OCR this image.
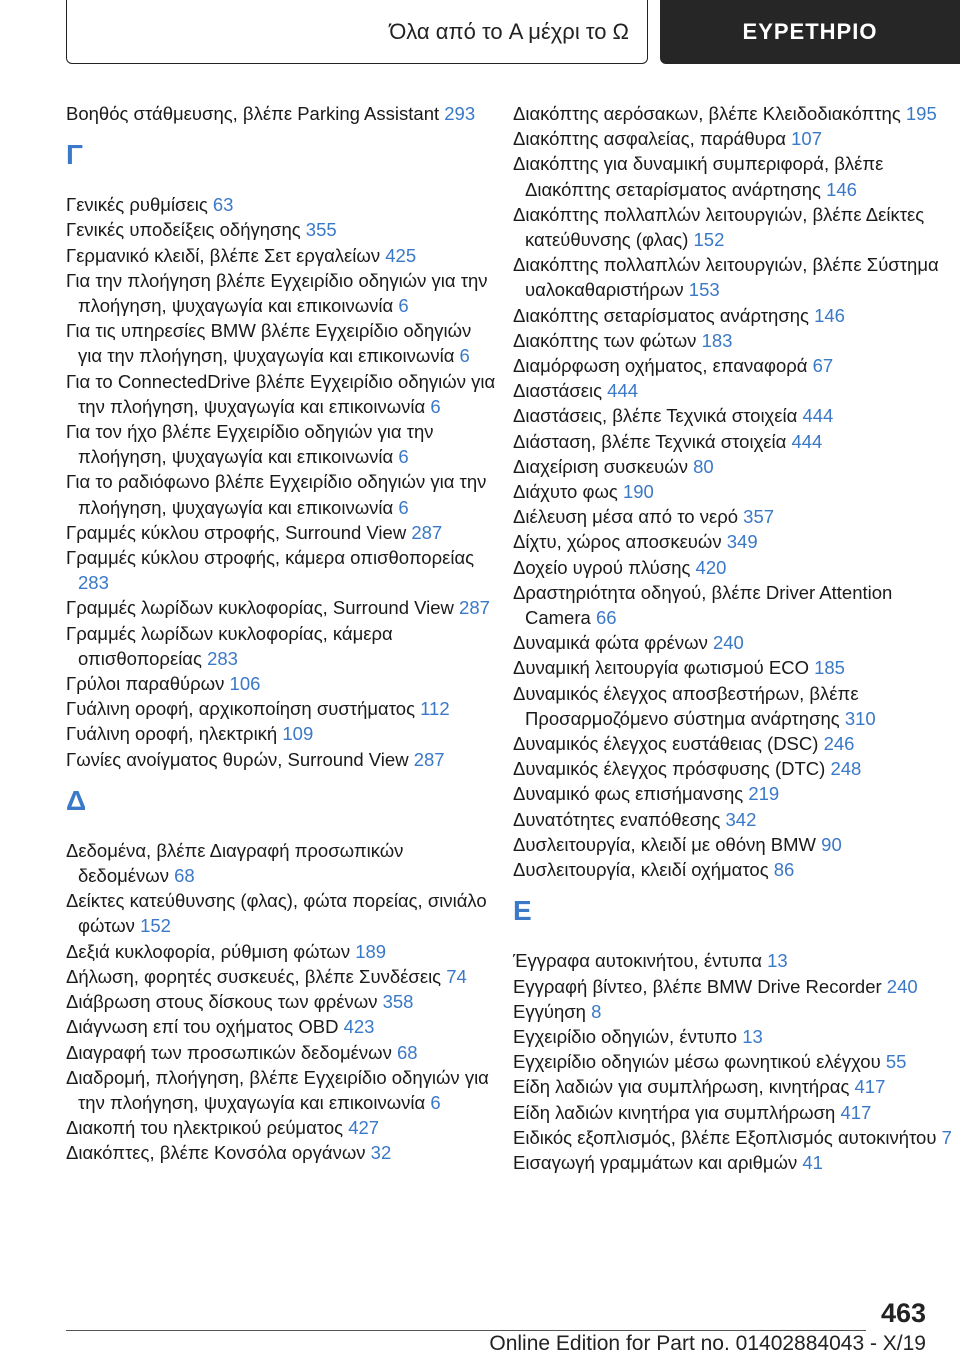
Όλα από το A μέχρι το Ω	ΕΥΡΕΤΗΡΙΟ
Βοηθός στάθμευσης, βλέπε Parking Assistant 293
Γ
Γενικές ρυθμίσεις 63
Γενικές υποδείξεις οδήγησης 355
Γερμανικό κλειδί, βλέπε Σετ εργαλείων 425
Για την πλοήγηση βλέπε Εγχειρίδιο οδηγιών για την πλοήγηση, ψυχαγωγία και επικοινωνία 6
Για τις υπηρεσίες BMW βλέπε Εγχειρίδιο οδηγιών για την πλοήγηση, ψυχαγωγία και επικοινωνία 6
Για το ConnectedDrive βλέπε Εγχειρίδιο οδηγιών για την πλοήγηση, ψυχαγωγία και επικοινωνία 6
Για τον ήχο βλέπε Εγχειρίδιο οδηγιών για την πλοήγηση, ψυχαγωγία και επικοινωνία 6
Για το ραδιόφωνο βλέπε Εγχειρίδιο οδηγιών για την πλοήγηση, ψυχαγωγία και επικοινωνία 6
Γραμμές κύκλου στροφής, Surround View 287
Γραμμές κύκλου στροφής, κάμερα οπισθοπορείας 283
Γραμμές λωρίδων κυκλοφορίας, Surround View 287
Γραμμές λωρίδων κυκλοφορίας, κάμερα οπισθοπορείας 283
Γρύλοι παραθύρων 106
Γυάλινη οροφή, αρχικοποίηση συστήματος 112
Γυάλινη οροφή, ηλεκτρική 109
Γωνίες ανοίγματος θυρών, Surround View 287
Δ
Δεδομένα, βλέπε Διαγραφή προσωπικών δεδομένων 68
Δείκτες κατεύθυνσης (φλας), φώτα πορείας, σινιάλο φώτων 152
Δεξιά κυκλοφορία, ρύθμιση φώτων 189
Δήλωση, φορητές συσκευές, βλέπε Συνδέσεις 74
Διάβρωση στους δίσκους των φρένων 358
Διάγνωση επί του οχήματος OBD 423
Διαγραφή των προσωπικών δεδομένων 68
Διαδρομή, πλοήγηση, βλέπε Εγχειρίδιο οδηγιών για την πλοήγηση, ψυχαγωγία και επικοινωνία 6
Διακοπή του ηλεκτρικού ρεύματος 427
Διακόπτες, βλέπε Κονσόλα οργάνων 32
Διακόπτης αερόσακων, βλέπε Κλειδοδιακόπτης 195
Διακόπτης ασφαλείας, παράθυρα 107
Διακόπτης για δυναμική συμπεριφορά, βλέπε Διακόπτης σεταρίσματος ανάρτησης 146
Διακόπτης πολλαπλών λειτουργιών, βλέπε Δείκτες κατεύθυνσης (φλας) 152
Διακόπτης πολλαπλών λειτουργιών, βλέπε Σύστημα υαλοκαθαριστήρων 153
Διακόπτης σεταρίσματος ανάρτησης 146
Διακόπτης των φώτων 183
Διαμόρφωση οχήματος, επαναφορά 67
Διαστάσεις 444
Διαστάσεις, βλέπε Τεχνικά στοιχεία 444
Διάσταση, βλέπε Τεχνικά στοιχεία 444
Διαχείριση συσκευών 80
Διάχυτο φως 190
Διέλευση μέσα από το νερό 357
Δίχτυ, χώρος αποσκευών 349
Δοχείο υγρού πλύσης 420
Δραστηριότητα οδηγού, βλέπε Driver Attention Camera 66
Δυναμικά φώτα φρένων 240
Δυναμική λειτουργία φωτισμού ECO 185
Δυναμικός έλεγχος αποσβεστήρων, βλέπε Προσαρμοζόμενο σύστημα ανάρτησης 310
Δυναμικός έλεγχος ευστάθειας (DSC) 246
Δυναμικός έλεγχος πρόσφυσης (DTC) 248
Δυναμικό φως επισήμανσης 219
Δυνατότητες εναπόθεσης 342
Δυσλειτουργία, κλειδί με οθόνη BMW 90
Δυσλειτουργία, κλειδί οχήματος 86
Ε
Έγγραφα αυτοκινήτου, έντυπα 13
Εγγραφή βίντεο, βλέπε BMW Drive Recorder 240
Εγγύηση 8
Εγχειρίδιο οδηγιών, έντυπο 13
Εγχειρίδιο οδηγιών μέσω φωνητικού ελέγχου 55
Είδη λαδιών για συμπλήρωση, κινητήρας 417
Είδη λαδιών κινητήρα για συμπλήρωση 417
Ειδικός εξοπλισμός, βλέπε Εξοπλισμός αυτοκινήτου 7
Εισαγωγή γραμμάτων και αριθμών 41
463
Online Edition for Part no. 01402884043 - X/19
